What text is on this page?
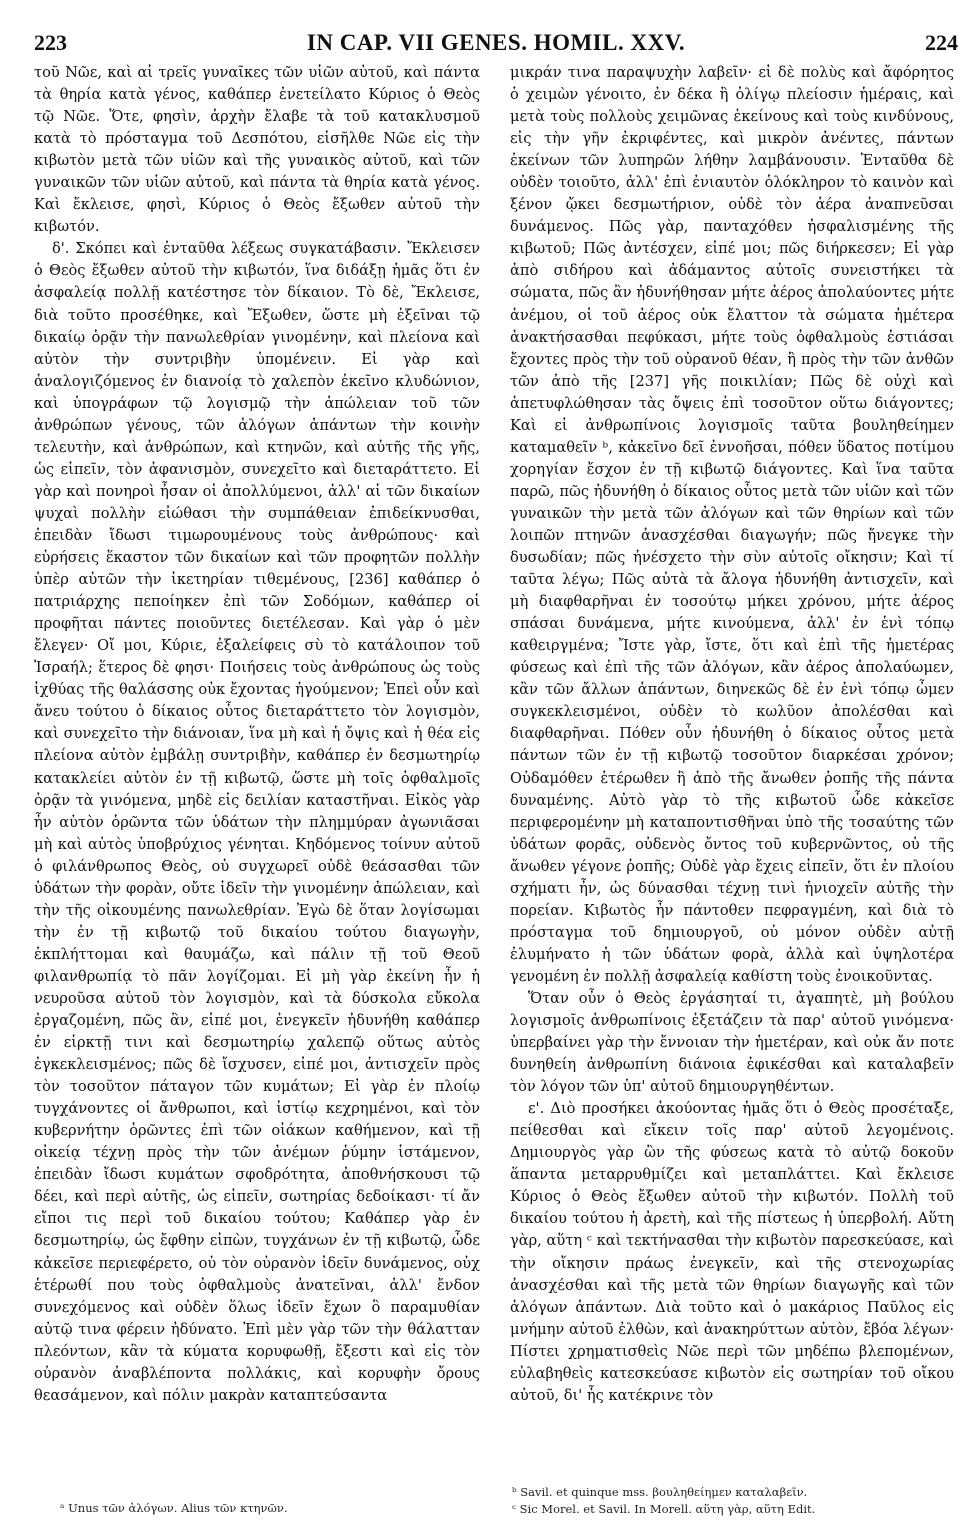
223	IN CAP. VII GENES. HOMIL. XXV.	224

τοῦ Νῶε, καὶ αἱ τρεῖς γυναῖκες τῶν υἱῶν αὐτοῦ, καὶ πάντα τὰ θηρία κατὰ γένος, καθάπερ ἐνετείλατο Κύριος ὁ Θεὸς τῷ Νῶε. Ὅτε, φησὶν, ἀρχὴν ἔλαβε τὰ τοῦ κατακλυσμοῦ κατὰ τὸ πρόσταγμα τοῦ Δεσπότου, εἰσῆλθε Νῶε εἰς τὴν κιβωτὸν μετὰ τῶν υἱῶν καὶ τῆς γυναικὸς αὐτοῦ, καὶ τῶν γυναικῶν τῶν υἱῶν αὐτοῦ, καὶ πάντα τὰ θηρία κατὰ γένος. Καὶ ἔκλεισε, φησὶ, Κύριος ὁ Θεὸς ἔξωθεν αὐτοῦ τὴν κιβωτόν.

δ'. Σκόπει καὶ ἐνταῦθα λέξεως συγκατάβασιν. Ἔκλεισεν ὁ Θεὸς ἔξωθεν αὐτοῦ τὴν κιβωτόν, ἵνα διδάξῃ ἡμᾶς ὅτι ἐν ἀσφαλείᾳ πολλῇ κατέστησε τὸν δίκαιον. Τὸ δὲ, Ἔκλεισε, διὰ τοῦτο προσέθηκε, καὶ Ἔξωθεν, ὥστε μὴ ἐξεῖναι τῷ δικαίῳ ὁρᾷν τὴν πανωλεθρίαν γινομένην, καὶ πλείονα καὶ αὐτὸν τὴν συντριβὴν ὑπομένειν. Εἰ γὰρ καὶ ἀναλογιζόμενος ἐν διανοίᾳ τὸ χαλεπὸν ἐκεῖνο κλυδώνιον, καὶ ὑπογράφων τῷ λογισμῷ τὴν ἀπώλειαν τοῦ τῶν ἀνθρώπων γένους, τῶν ἀλόγων ἁπάντων τὴν κοινὴν τελευτὴν, καὶ ἀνθρώπων, καὶ κτηνῶν, καὶ αὐτῆς τῆς γῆς, ὡς εἰπεῖν, τὸν ἀφανισμὸν, συνεχεῖτο καὶ διεταράττετο. Εἰ γὰρ καὶ πονηροὶ ἦσαν οἱ ἀπολλύμενοι, ἀλλ' αἱ τῶν δικαίων ψυχαὶ πολλὴν εἰώθασι τὴν συμπάθειαν ἐπιδείκνυσθαι, ἐπειδὰν ἴδωσι τιμωρουμένους τοὺς ἀνθρώπους· καὶ εὑρήσεις ἕκαστον τῶν δικαίων καὶ τῶν προφητῶν πολλὴν ὑπὲρ αὐτῶν τὴν ἱκετηρίαν τιθεμένους, [236] καθάπερ ὁ πατριάρχης πεποίηκεν ἐπὶ τῶν Σοδόμων, καθάπερ οἱ προφῆται πάντες ποιοῦντες διετέλεσαν. Καὶ γὰρ ὁ μὲν ἔλεγεν· Οἴ μοι, Κύριε, ἐξαλείφεις σὺ τὸ κατάλοιπον τοῦ Ἰσραήλ; ἕτερος δὲ φησι· Ποιήσεις τοὺς ἀνθρώπους ὡς τοὺς ἰχθύας τῆς θαλάσσης οὐκ ἔχοντας ἡγούμενον; Ἐπεὶ οὖν καὶ ἄνευ τούτου ὁ δίκαιος οὗτος διεταράττετο τὸν λογισμὸν, καὶ συνεχεῖτο τὴν διάνοιαν, ἵνα μὴ καὶ ἡ ὄψις καὶ ἡ θέα εἰς πλείονα αὐτὸν ἐμβάλῃ συντριβὴν, καθάπερ ἐν δεσμωτηρίῳ κατακλείει αὐτὸν ἐν τῇ κιβωτῷ, ὥστε μὴ τοῖς ὀφθαλμοῖς ὁρᾷν τὰ γινόμενα, μηδὲ εἰς δειλίαν καταστῆναι. Εἰκὸς γὰρ ἦν αὐτὸν ὁρῶντα τῶν ὑδάτων τὴν πλημμύραν ἀγωνιᾶσαι μὴ καὶ αὐτὸς ὑποβρύχιος γένηται. Κηδόμενος τοίνυν αὐτοῦ ὁ φιλάνθρωπος Θεὸς, οὐ συγχωρεῖ οὐδὲ θεάσασθαι τῶν ὑδάτων τὴν φορὰν, οὔτε ἰδεῖν τὴν γινομένην ἀπώλειαν, καὶ τὴν τῆς οἰκουμένης πανωλεθρίαν. Ἐγὼ δὲ ὅταν λογίσωμαι τὴν ἐν τῇ κιβωτῷ τοῦ δικαίου τούτου διαγωγὴν, ἐκπλήττομαι καὶ θαυμάζω, καὶ πάλιν τῇ τοῦ Θεοῦ φιλανθρωπίᾳ τὸ πᾶν λογίζομαι. Εἰ μὴ γὰρ ἐκείνη ἦν ἡ νευροῦσα αὐτοῦ τὸν λογισμὸν, καὶ τὰ δύσκολα εὔκολα ἐργαζομένη, πῶς ἂν, εἰπέ μοι, ἐνεγκεῖν ἠδυνήθη καθάπερ ἐν εἱρκτῇ τινι καὶ δεσμωτηρίῳ χαλεπῷ οὕτως αὐτὸς ἐγκεκλεισμένος; πῶς δὲ ἴσχυσεν, εἰπέ μοι, ἀντισχεῖν πρὸς τὸν τοσοῦτον πάταγον τῶν κυμάτων; Εἰ γὰρ ἐν πλοίῳ τυγχάνοντες οἱ ἄνθρωποι, καὶ ἱστίῳ κεχρημένοι, καὶ τὸν κυβερνήτην ὁρῶντες ἐπὶ τῶν οἰάκων καθήμενον, καὶ τῇ οἰκείᾳ τέχνῃ πρὸς τὴν τῶν ἀνέμων ῥύμην ἱστάμενον, ἐπειδὰν ἴδωσι κυμάτων σφοδρότητα, ἀποθνήσκουσι τῷ δέει, καὶ περὶ αὐτῆς, ὡς εἰπεῖν, σωτηρίας δεδοίκασι· τί ἄν εἴποι τις περὶ τοῦ δικαίου τούτου; Καθάπερ γὰρ ἐν δεσμωτηρίῳ, ὡς ἔφθην εἰπὼν, τυγχάνων ἐν τῇ κιβωτῷ, ὧδε κἀκεῖσε περιεφέρετο, οὐ τὸν οὐρανὸν ἰδεῖν δυνάμενος, οὐχ ἑτέρωθί που τοὺς ὀφθαλμοὺς ἀνατεῖναι, ἀλλ' ἔνδον συνεχόμενος καὶ οὐδὲν ὅλως ἰδεῖν ἔχων ὃ παραμυθίαν αὐτῷ τινα φέρειν ἠδύνατο. Ἐπὶ μὲν γὰρ τῶν τὴν θάλατταν πλεόντων, κἂν τὰ κύματα κορυφωθῇ, ἔξεστι καὶ εἰς τὸν οὐρανὸν ἀναβλέποντα πολλάκις, καὶ κορυφὴν ὄρους θεασάμενον, καὶ πόλιν μακρὰν καταπτεύσαντα

μικράν τινα παραψυχὴν λαβεῖν· εἰ δὲ πολὺς καὶ ἄφόρητος ὁ χειμὼν γένοιτο, ἐν δέκα ἢ ὀλίγῳ πλείοσιν ἡμέραις, καὶ μετὰ τοὺς πολλοὺς χειμῶνας ἐκείνους καὶ τοὺς κινδύνους, εἰς τὴν γῆν ἐκριφέντες, καὶ μικρὸν ἀνέντες, πάντων ἐκείνων τῶν λυπηρῶν λήθην λαμβάνουσιν. Ἐνταῦθα δὲ οὐδὲν τοιοῦτο, ἀλλ' ἐπὶ ἐνιαυτὸν ὁλόκληρον τὸ καινὸν καὶ ξένον ᾤκει δεσμωτήριον, οὐδὲ τὸν ἀέρα ἀναπνεῦσαι δυνάμενος. Πῶς γὰρ, πανταχόθεν ἠσφαλισμένης τῆς κιβωτοῦ; Πῶς ἀντέσχεν, εἰπέ μοι; πῶς διήρκεσεν; Εἰ γὰρ ἀπὸ σιδήρου καὶ ἀδάμαντος αὐτοῖς συνειστήκει τὰ σώματα, πῶς ἂν ἠδυνήθησαν μήτε ἀέρος ἀπολαύοντες μήτε ἀνέμου, οἱ τοῦ ἀέρος οὐκ ἔλαττον τὰ σώματα ἡμέτερα ἀνακτήσασθαι πεφύκασι, μήτε τοὺς ὀφθαλμοὺς ἑστιάσαι ἔχοντες πρὸς τὴν τοῦ οὐρανοῦ θέαν, ἢ πρὸς τὴν τῶν ἀνθῶν τῶν ἀπὸ τῆς [237] γῆς ποικιλίαν; Πῶς δὲ οὐχὶ καὶ ἀπετυφλώθησαν τὰς ὄψεις ἐπὶ τοσοῦτον οὕτω διάγοντες; Καὶ εἰ ἀνθρωπίνοις λογισμοῖς ταῦτα βουληθείημεν καταμαθεῖν ᵇ, κἀκεῖνο δεῖ ἐννοῆσαι, πόθεν ὕδατος ποτίμου χορηγίαν ἔσχον ἐν τῇ κιβωτῷ διάγοντες. Καὶ ἵνα ταῦτα παρῶ, πῶς ἠδυνήθη ὁ δίκαιος οὗτος μετὰ τῶν υἱῶν καὶ τῶν γυναικῶν τὴν μετὰ τῶν ἀλόγων καὶ τῶν θηρίων καὶ τῶν λοιπῶν πτηνῶν ἀνασχέσθαι διαγωγήν; πῶς ἤνεγκε τὴν δυσωδίαν; πῶς ἠνέσχετο τὴν σὺν αὐτοῖς οἴκησιν; Καὶ τί ταῦτα λέγω; Πῶς αὐτὰ τὰ ἄλογα ἠδυνήθη ἀντισχεῖν, καὶ μὴ διαφθαρῆναι ἐν τοσούτῳ μήκει χρόνου, μήτε ἀέρος σπάσαι δυνάμενα, μήτε κινούμενα, ἀλλ' ἐν ἑνὶ τόπῳ καθειργμένα; Ἴστε γὰρ, ἴστε, ὅτι καὶ ἐπὶ τῆς ἡμετέρας φύσεως καὶ ἐπὶ τῆς τῶν ἀλόγων, κἂν ἀέρος ἀπολαύωμεν, κἂν τῶν ἄλλων ἁπάντων, διηνεκῶς δὲ ἐν ἑνὶ τόπῳ ὦμεν συγκεκλεισμένοι, οὐδὲν τὸ κωλῦον ἀπολέσθαι καὶ διαφθαρῆναι. Πόθεν οὖν ἠδυνήθη ὁ δίκαιος οὗτος μετὰ πάντων τῶν ἐν τῇ κιβωτῷ τοσοῦτον διαρκέσαι χρόνον; Οὐδαμόθεν ἑτέρωθεν ἢ ἀπὸ τῆς ἄνωθεν ῥοπῆς τῆς πάντα δυναμένης. Αὐτὸ γὰρ τὸ τῆς κιβωτοῦ ὧδε κἀκεῖσε περιφερομένην μὴ καταποντισθῆναι ὑπὸ τῆς τοσαύτης τῶν ὑδάτων φορᾶς, οὐδενὸς ὄντος τοῦ κυβερνῶντος, οὐ τῆς ἄνωθεν γέγονε ῥοπῆς; Οὐδὲ γὰρ ἔχεις εἰπεῖν, ὅτι ἐν πλοίου σχήματι ἦν, ὡς δύνασθαι τέχνῃ τινὶ ἡνιοχεῖν αὐτῆς τὴν πορείαν. Κιβωτὸς ἦν πάντοθεν πεφραγμένη, καὶ διὰ τὸ πρόσταγμα τοῦ δημιουργοῦ, οὐ μόνον οὐδὲν αὐτῇ ἐλυμήνατο ἡ τῶν ὑδάτων φορὰ, ἀλλὰ καὶ ὑψηλοτέρα γενομένη ἐν πολλῇ ἀσφαλείᾳ καθίστη τοὺς ἐνοικοῦντας.

Ὅταν οὖν ὁ Θεὸς ἐργάσηταί τι, ἀγαπητὲ, μὴ βούλου λογισμοῖς ἀνθρωπίνοις ἐξετάζειν τὰ παρ' αὐτοῦ γινόμενα· ὑπερβαίνει γὰρ τὴν ἔννοιαν τὴν ἡμετέραν, καὶ οὐκ ἄν ποτε δυνηθείη ἀνθρωπίνη διάνοια ἐφικέσθαι καὶ καταλαβεῖν τὸν λόγον τῶν ὑπ' αὐτοῦ δημιουργηθέντων.

ε'. Διὸ προσήκει ἀκούοντας ἡμᾶς ὅτι ὁ Θεὸς προσέταξε, πείθεσθαι καὶ εἴκειν τοῖς παρ' αὐτοῦ λεγομένοις. Δημιουργὸς γὰρ ὢν τῆς φύσεως κατὰ τὸ αὐτῷ δοκοῦν ἅπαντα μεταρρυθμίζει καὶ μεταπλάττει. Καὶ ἔκλεισε Κύριος ὁ Θεὸς ἔξωθεν αὐτοῦ τὴν κιβωτόν. Πολλὴ τοῦ δικαίου τούτου ἡ ἀρετὴ, καὶ τῆς πίστεως ἡ ὑπερβολή. Αὕτη γὰρ, αὕτη ᶜ καὶ τεκτήνασθαι τὴν κιβωτὸν παρεσκεύασε, καὶ τὴν οἴκησιν πράως ἐνεγκεῖν, καὶ τῆς στενοχωρίας ἀνασχέσθαι καὶ τῆς μετὰ τῶν θηρίων διαγωγῆς καὶ τῶν ἀλόγων ἁπάντων. Διὰ τοῦτο καὶ ὁ μακάριος Παῦλος εἰς μνήμην αὐτοῦ ἐλθὼν, καὶ ἀνακηρύττων αὐτὸν, ἔβόα λέγων· Πίστει χρηματισθεὶς Νῶε περὶ τῶν μηδέπω βλεπομένων, εὐλαβηθεὶς κατεσκεύασε κιβωτὸν εἰς σωτηρίαν τοῦ οἴκου αὐτοῦ, δι' ἧς κατέκρινε τὸν

ᵃ Unus τῶν ἀλόγων. Alius τῶν κτηνῶν.
ᵇ Savil. et quinque mss. βουληθείημεν καταλαβεῖν.
ᶜ Sic Morel. et Savil. In Morell. αὕτη γὰρ, αὕτη Edit.
